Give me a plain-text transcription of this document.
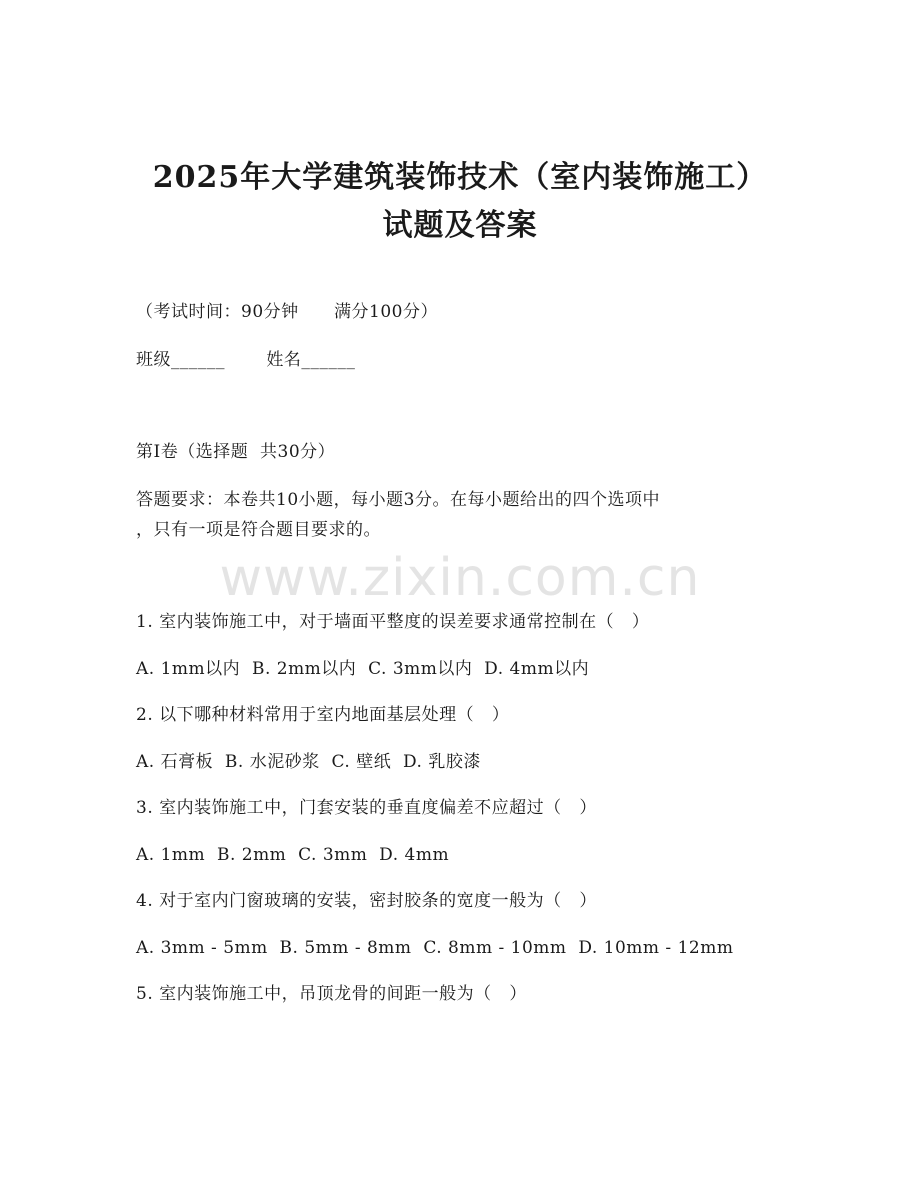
www.zixin.com.cn
2025年大学建筑装饰技术（室内装饰施工）
试题及答案
（考试时间：90分钟      满分100分）
班级______       姓名______
第I卷（选择题  共30分）
答题要求：本卷共10小题，每小题3分。在每小题给出的四个选项中
，只有一项是符合题目要求的。
1. 室内装饰施工中，对于墙面平整度的误差要求通常控制在（   ）
A. 1mm以内  B. 2mm以内  C. 3mm以内  D. 4mm以内
2. 以下哪种材料常用于室内地面基层处理（   ）
A. 石膏板  B. 水泥砂浆  C. 壁纸  D. 乳胶漆
3. 室内装饰施工中，门套安装的垂直度偏差不应超过（   ）
A. 1mm  B. 2mm  C. 3mm  D. 4mm
4. 对于室内门窗玻璃的安装，密封胶条的宽度一般为（   ）
A. 3mm - 5mm  B. 5mm - 8mm  C. 8mm - 10mm  D. 10mm - 12mm
5. 室内装饰施工中，吊顶龙骨的间距一般为（   ）
